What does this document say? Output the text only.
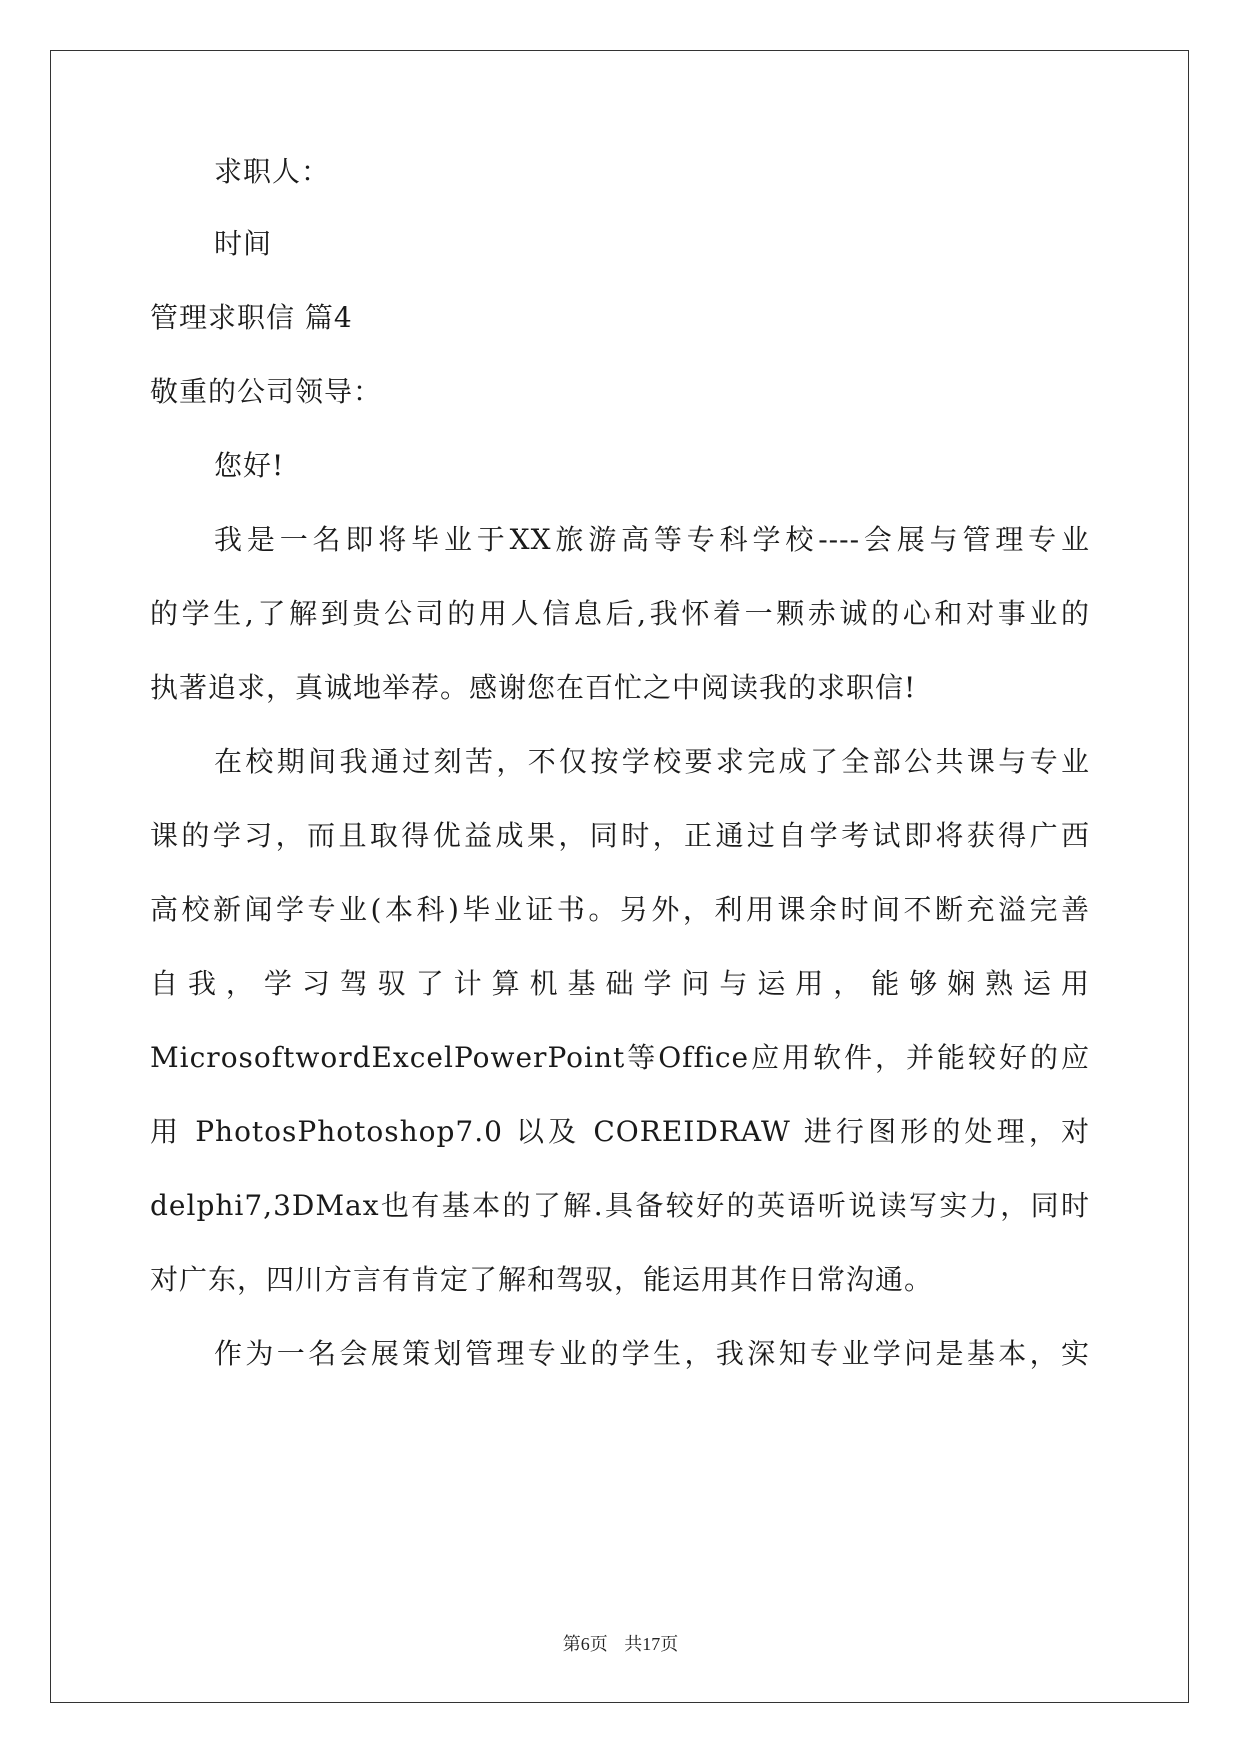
求职人：
时间
管理求职信 篇4
敬重的公司领导：
您好!
我是一名即将毕业于XX旅游高等专科学校----会展与管理专业
的学生,了解到贵公司的用人信息后,我怀着一颗赤诚的心和对事业的
执著追求，真诚地举荐。感谢您在百忙之中阅读我的求职信!
在校期间我通过刻苦，不仅按学校要求完成了全部公共课与专业
课的学习，而且取得优益成果，同时，正通过自学考试即将获得广西
高校新闻学专业(本科)毕业证书。另外，利用课余时间不断充溢完善
自我，学习驾驭了计算机基础学问与运用，能够娴熟运用
MicrosoftwordExcelPowerPoint等Office应用软件，并能较好的应
用 PhotosPhotoshop7.0 以及 COREIDRAW 进行图形的处理，对
delphi7,3DMax也有基本的了解.具备较好的英语听说读写实力，同时
对广东，四川方言有肯定了解和驾驭，能运用其作日常沟通。
作为一名会展策划管理专业的学生，我深知专业学问是基本，实
第6页 共17页
